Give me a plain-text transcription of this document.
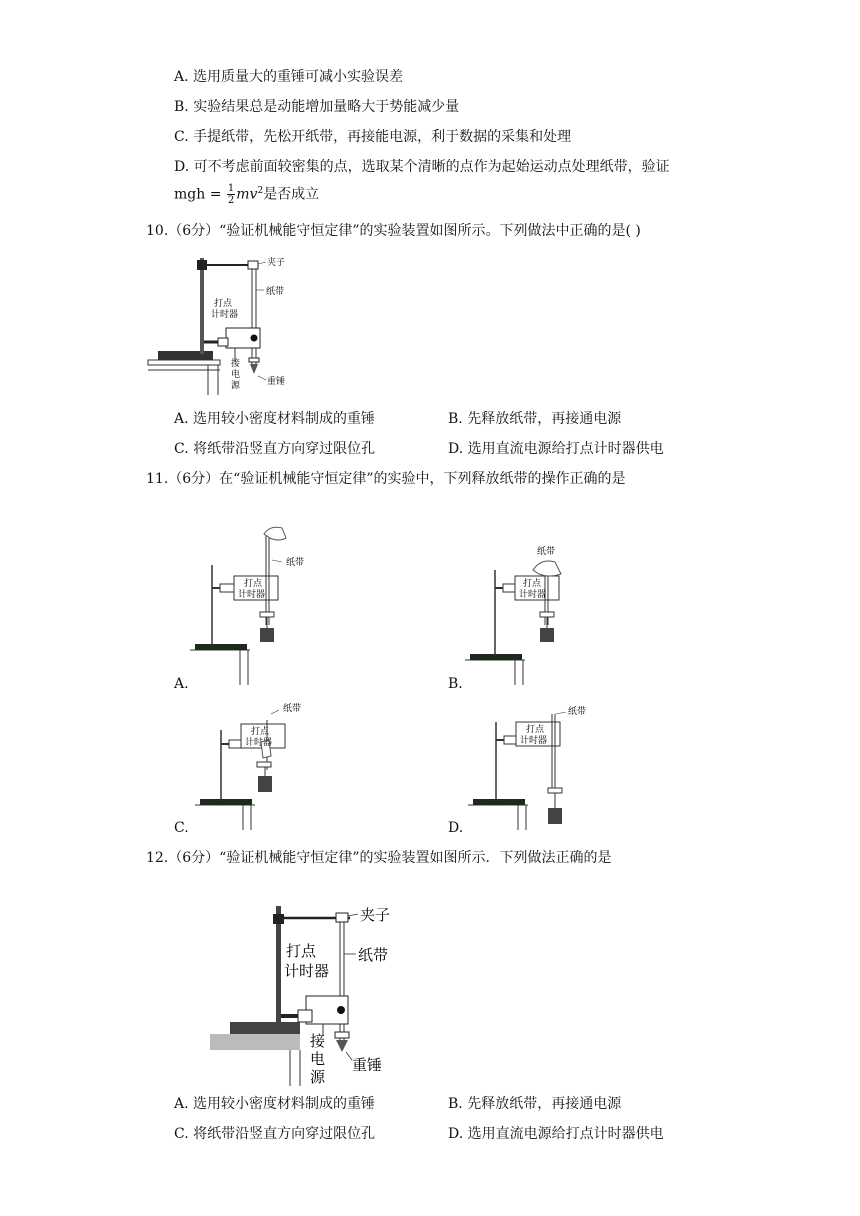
A. 选用质量大的重锤可减小实验误差
B. 实验结果总是动能增加量略大于势能减少量
C. 手提纸带，先松开纸带，再接能电源，利于数据的采集和处理
D. 可不考虑前面较密集的点，选取某个清晰的点作为起始运动点处理纸带，验证
mgh = $\frac{1}{2} mv^2$是否成立
10.（6分）“验证机械能守恒定律”的实验装置如图所示。下列做法中正确的是( )
夹子
纸带
打点
计时器
接
电
源	重锤
A. 选用较小密度材料制成的重锤	B. 先释放纸带，再接通电源
C. 将纸带沿竖直方向穿过限位孔	D. 选用直流电源给打点计时器供电
11.（6分）在“验证机械能守恒定律”的实验中，下列释放纸带的操作正确的是
纸带
打点
计时器
A.
纸带
打点
计时器
B.
纸带
打点
计时器
C.
纸带
打点
计时器
D.
12.（6分）“验证机械能守恒定律”的实验装置如图所示．下列做法正确的是
夹子
纸带
打点
计时器
接
电
源
重锤
A. 选用较小密度材料制成的重锤	B. 先释放纸带，再接通电源
C. 将纸带沿竖直方向穿过限位孔	D. 选用直流电源给打点计时器供电
